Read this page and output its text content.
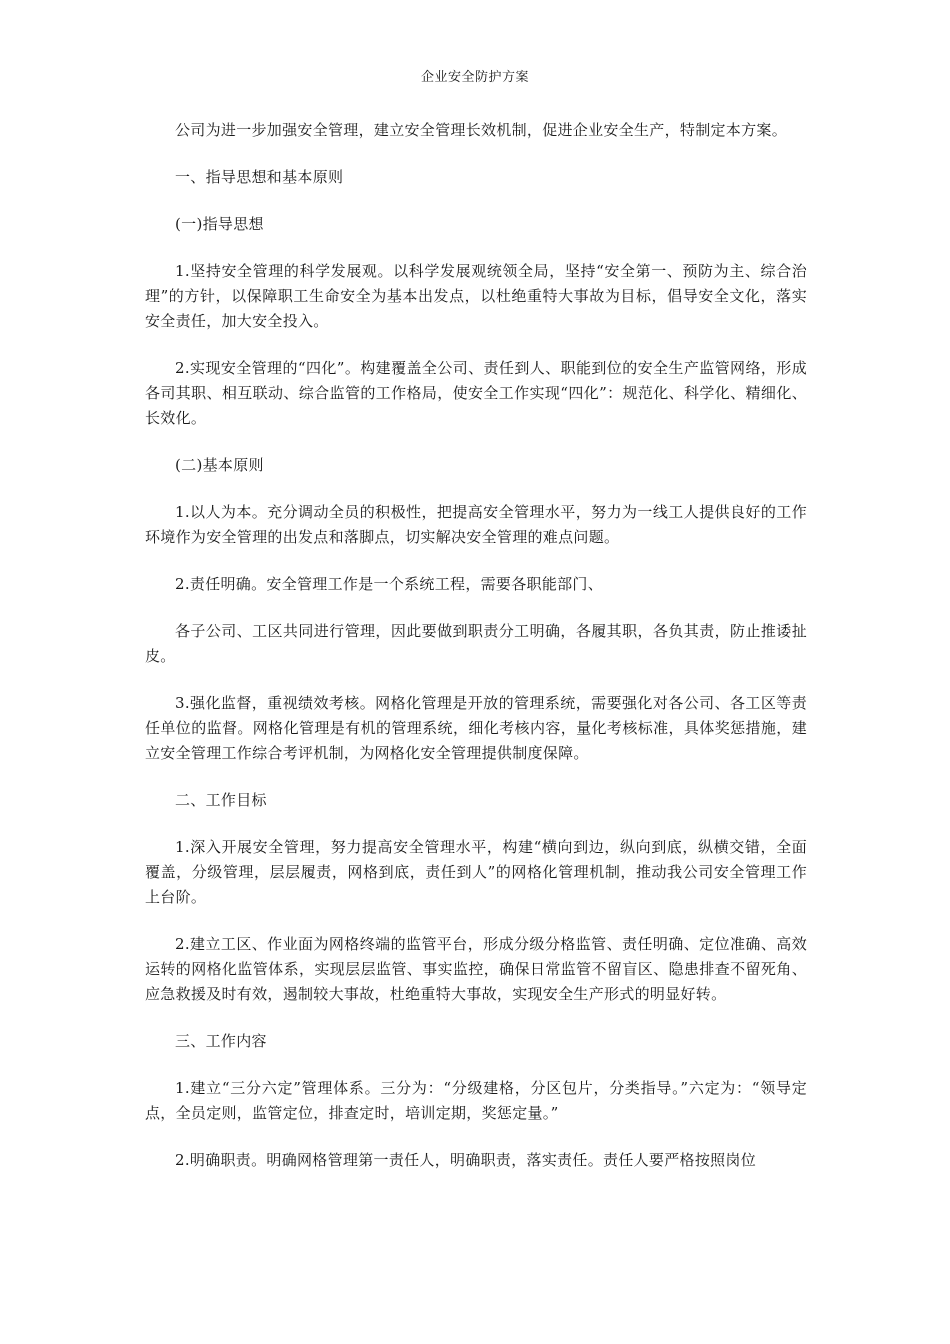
企业安全防护方案

公司为进一步加强安全管理，建立安全管理长效机制，促进企业安全生产，特制定本方案。

一、指导思想和基本原则

(一)指导思想

1.坚持安全管理的科学发展观。以科学发展观统领全局，坚持“安全第一、预防为主、综合治理”的方针，以保障职工生命安全为基本出发点，以杜绝重特大事故为目标，倡导安全文化，落实安全责任，加大安全投入。

2.实现安全管理的“四化”。构建覆盖全公司、责任到人、职能到位的安全生产监管网络，形成各司其职、相互联动、综合监管的工作格局，使安全工作实现“四化”：规范化、科学化、精细化、长效化。

(二)基本原则

1.以人为本。充分调动全员的积极性，把提高安全管理水平，努力为一线工人提供良好的工作环境作为安全管理的出发点和落脚点，切实解决安全管理的难点问题。

2.责任明确。安全管理工作是一个系统工程，需要各职能部门、

各子公司、工区共同进行管理，因此要做到职责分工明确，各履其职，各负其责，防止推诿扯皮。

3.强化监督，重视绩效考核。网格化管理是开放的管理系统，需要强化对各公司、各工区等责任单位的监督。网格化管理是有机的管理系统，细化考核内容，量化考核标准，具体奖惩措施，建立安全管理工作综合考评机制，为网格化安全管理提供制度保障。

二、工作目标

1.深入开展安全管理，努力提高安全管理水平，构建“横向到边，纵向到底，纵横交错，全面覆盖，分级管理，层层履责，网格到底，责任到人”的网格化管理机制，推动我公司安全管理工作上台阶。

2.建立工区、作业面为网格终端的监管平台，形成分级分格监管、责任明确、定位准确、高效运转的网格化监管体系，实现层层监管、事实监控，确保日常监管不留盲区、隐患排查不留死角、应急救援及时有效，遏制较大事故，杜绝重特大事故，实现安全生产形式的明显好转。

三、工作内容

1.建立“三分六定”管理体系。三分为：“分级建格，分区包片，分类指导。”六定为：“领导定点，全员定则，监管定位，排查定时，培训定期，奖惩定量。”

2.明确职责。明确网格管理第一责任人，明确职责，落实责任。责任人要严格按照岗位
